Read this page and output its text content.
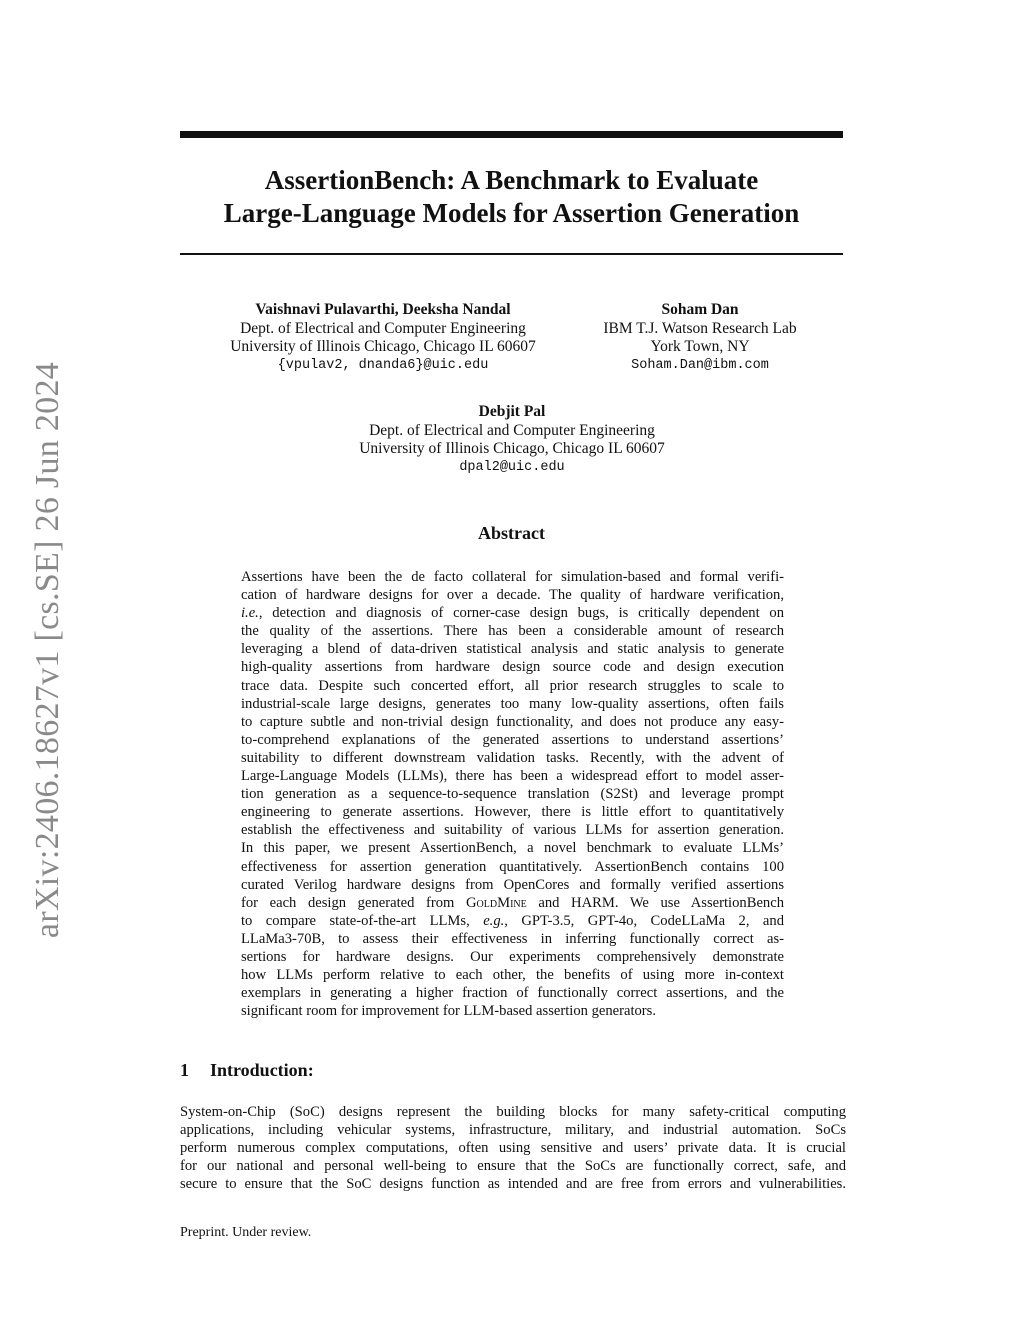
arXiv:2406.18627v1 [cs.SE] 26 Jun 2024
AssertionBench: A Benchmark to Evaluate
Large-Language Models for Assertion Generation
Vaishnavi Pulavarthi, Deeksha Nandal
Dept. of Electrical and Computer Engineering
University of Illinois Chicago, Chicago IL 60607
{vpulav2, dnanda6}@uic.edu
Soham Dan
IBM T.J. Watson Research Lab
York Town, NY
Soham.Dan@ibm.com
Debjit Pal
Dept. of Electrical and Computer Engineering
University of Illinois Chicago, Chicago IL 60607
dpal2@uic.edu
Abstract
Assertions have been the de facto collateral for simulation-based and formal verifi-
cation of hardware designs for over a decade. The quality of hardware verification,
i.e., detection and diagnosis of corner-case design bugs, is critically dependent on
the quality of the assertions. There has been a considerable amount of research
leveraging a blend of data-driven statistical analysis and static analysis to generate
high-quality assertions from hardware design source code and design execution
trace data. Despite such concerted effort, all prior research struggles to scale to
industrial-scale large designs, generates too many low-quality assertions, often fails
to capture subtle and non-trivial design functionality, and does not produce any easy-
to-comprehend explanations of the generated assertions to understand assertions’
suitability to different downstream validation tasks. Recently, with the advent of
Large-Language Models (LLMs), there has been a widespread effort to model asser-
tion generation as a sequence-to-sequence translation (S2St) and leverage prompt
engineering to generate assertions. However, there is little effort to quantitatively
establish the effectiveness and suitability of various LLMs for assertion generation.
In this paper, we present AssertionBench, a novel benchmark to evaluate LLMs’
effectiveness for assertion generation quantitatively. AssertionBench contains 100
curated Verilog hardware designs from OpenCores and formally verified assertions
for each design generated from GoldMine and HARM. We use AssertionBench
to compare state-of-the-art LLMs, e.g., GPT-3.5, GPT-4o, CodeLLaMa 2, and
LLaMa3-70B, to assess their effectiveness in inferring functionally correct as-
sertions for hardware designs. Our experiments comprehensively demonstrate
how LLMs perform relative to each other, the benefits of using more in-context
exemplars in generating a higher fraction of functionally correct assertions, and the
significant room for improvement for LLM-based assertion generators.
1 Introduction:
System-on-Chip (SoC) designs represent the building blocks for many safety-critical computing
applications, including vehicular systems, infrastructure, military, and industrial automation. SoCs
perform numerous complex computations, often using sensitive and users’ private data. It is crucial
for our national and personal well-being to ensure that the SoCs are functionally correct, safe, and
secure to ensure that the SoC designs function as intended and are free from errors and vulnerabilities.
Preprint. Under review.
